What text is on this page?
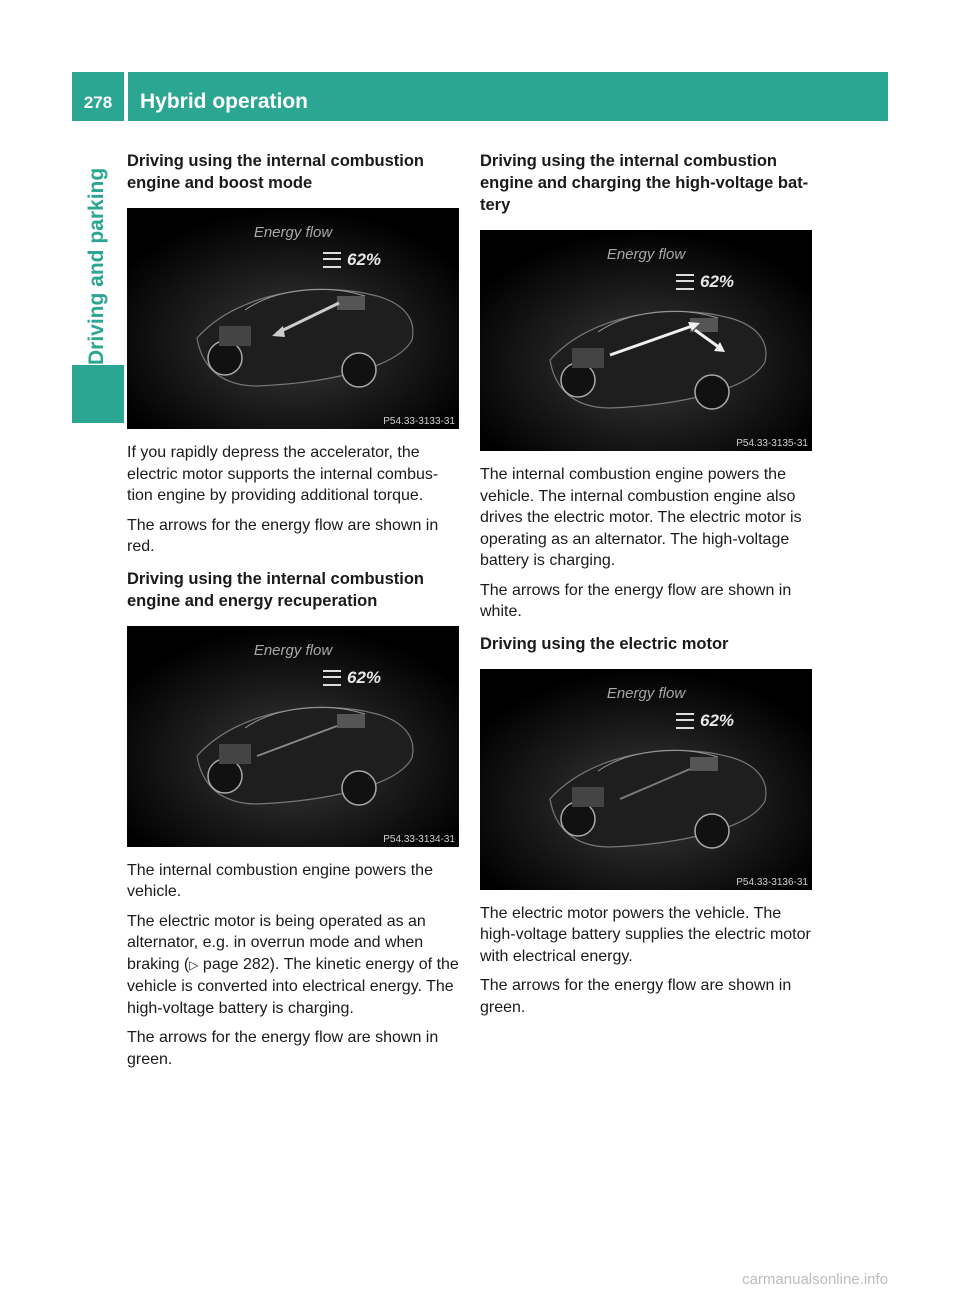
278	Hybrid operation
Driving and parking
Driving using the internal combustion engine and boost mode
Energy flow
62%
P54.33-3133-31

If you rapidly depress the accelerator, the electric motor supports the internal combus-tion engine by providing additional torque.

The arrows for the energy flow are shown in red.

Driving using the internal combustion engine and energy recuperation
Energy flow
62%
P54.33-3134-31

The internal combustion engine powers the vehicle.

The electric motor is being operated as an alternator, e.g. in overrun mode and when braking (▷ page 282). The kinetic energy of the vehicle is converted into electrical energy. The high-voltage battery is charging.

The arrows for the energy flow are shown in green.

Driving using the internal combustion engine and charging the high-voltage bat-tery
Energy flow
62%
P54.33-3135-31

The internal combustion engine powers the vehicle. The internal combustion engine also drives the electric motor. The electric motor is operating as an alternator. The high-voltage battery is charging.

The arrows for the energy flow are shown in white.

Driving using the electric motor
Energy flow
62%
P54.33-3136-31

The electric motor powers the vehicle. The high-voltage battery supplies the electric motor with electrical energy.

The arrows for the energy flow are shown in green.

carmanualsonline.info
